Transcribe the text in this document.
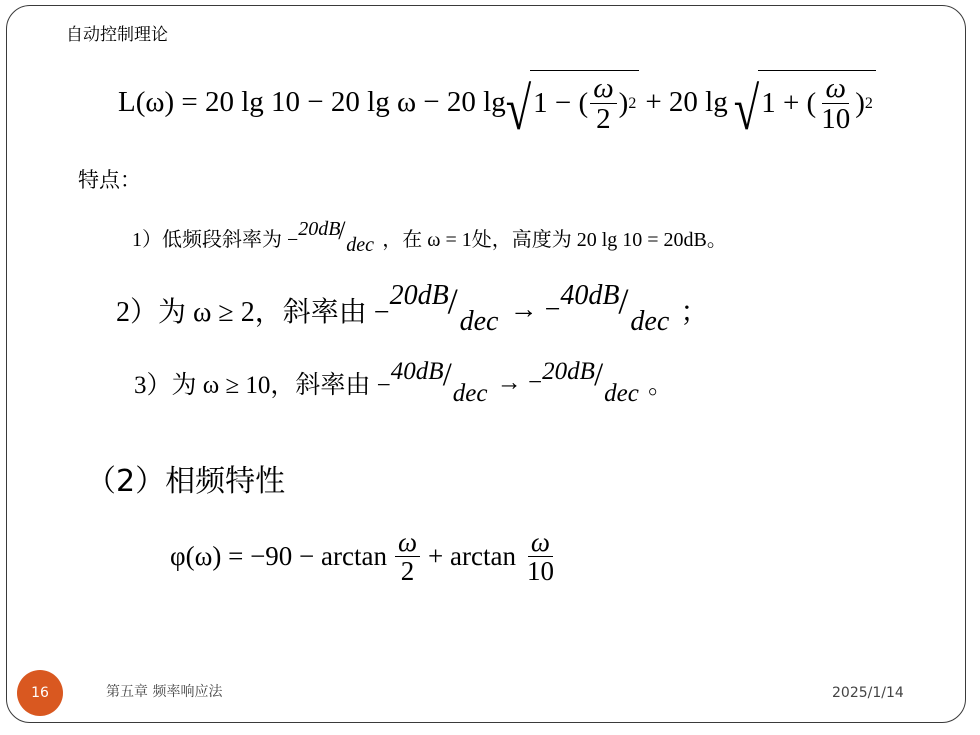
自动控制理论
L(ω) = 20 lg 10 − 20 lg ω − 20 lg √ 1 − ( $\frac{\omega}{2}$ ) 2 + 20 lg √ 1 + ( $\frac{\omega}{10}$ ) 2
特点：
1）低频段斜率为 − 20dB
/ dec ，在 ω = 1处，高度为 20 lg 10 = 20dB。
2）为 ω ≥ 2，斜率由 −
20dB
/
dec → − 40dB
/
dec ；
3）为 ω ≥ 10，斜率由 −
40dB /
dec → − 20dB /
dec 。
（2）相频特性
$\varphi(\omega) = -90 - \arctan \frac{\omega}{2} + \arctan \frac{\omega}{10}$
16	第五章 频率响应法	2025/1/14
